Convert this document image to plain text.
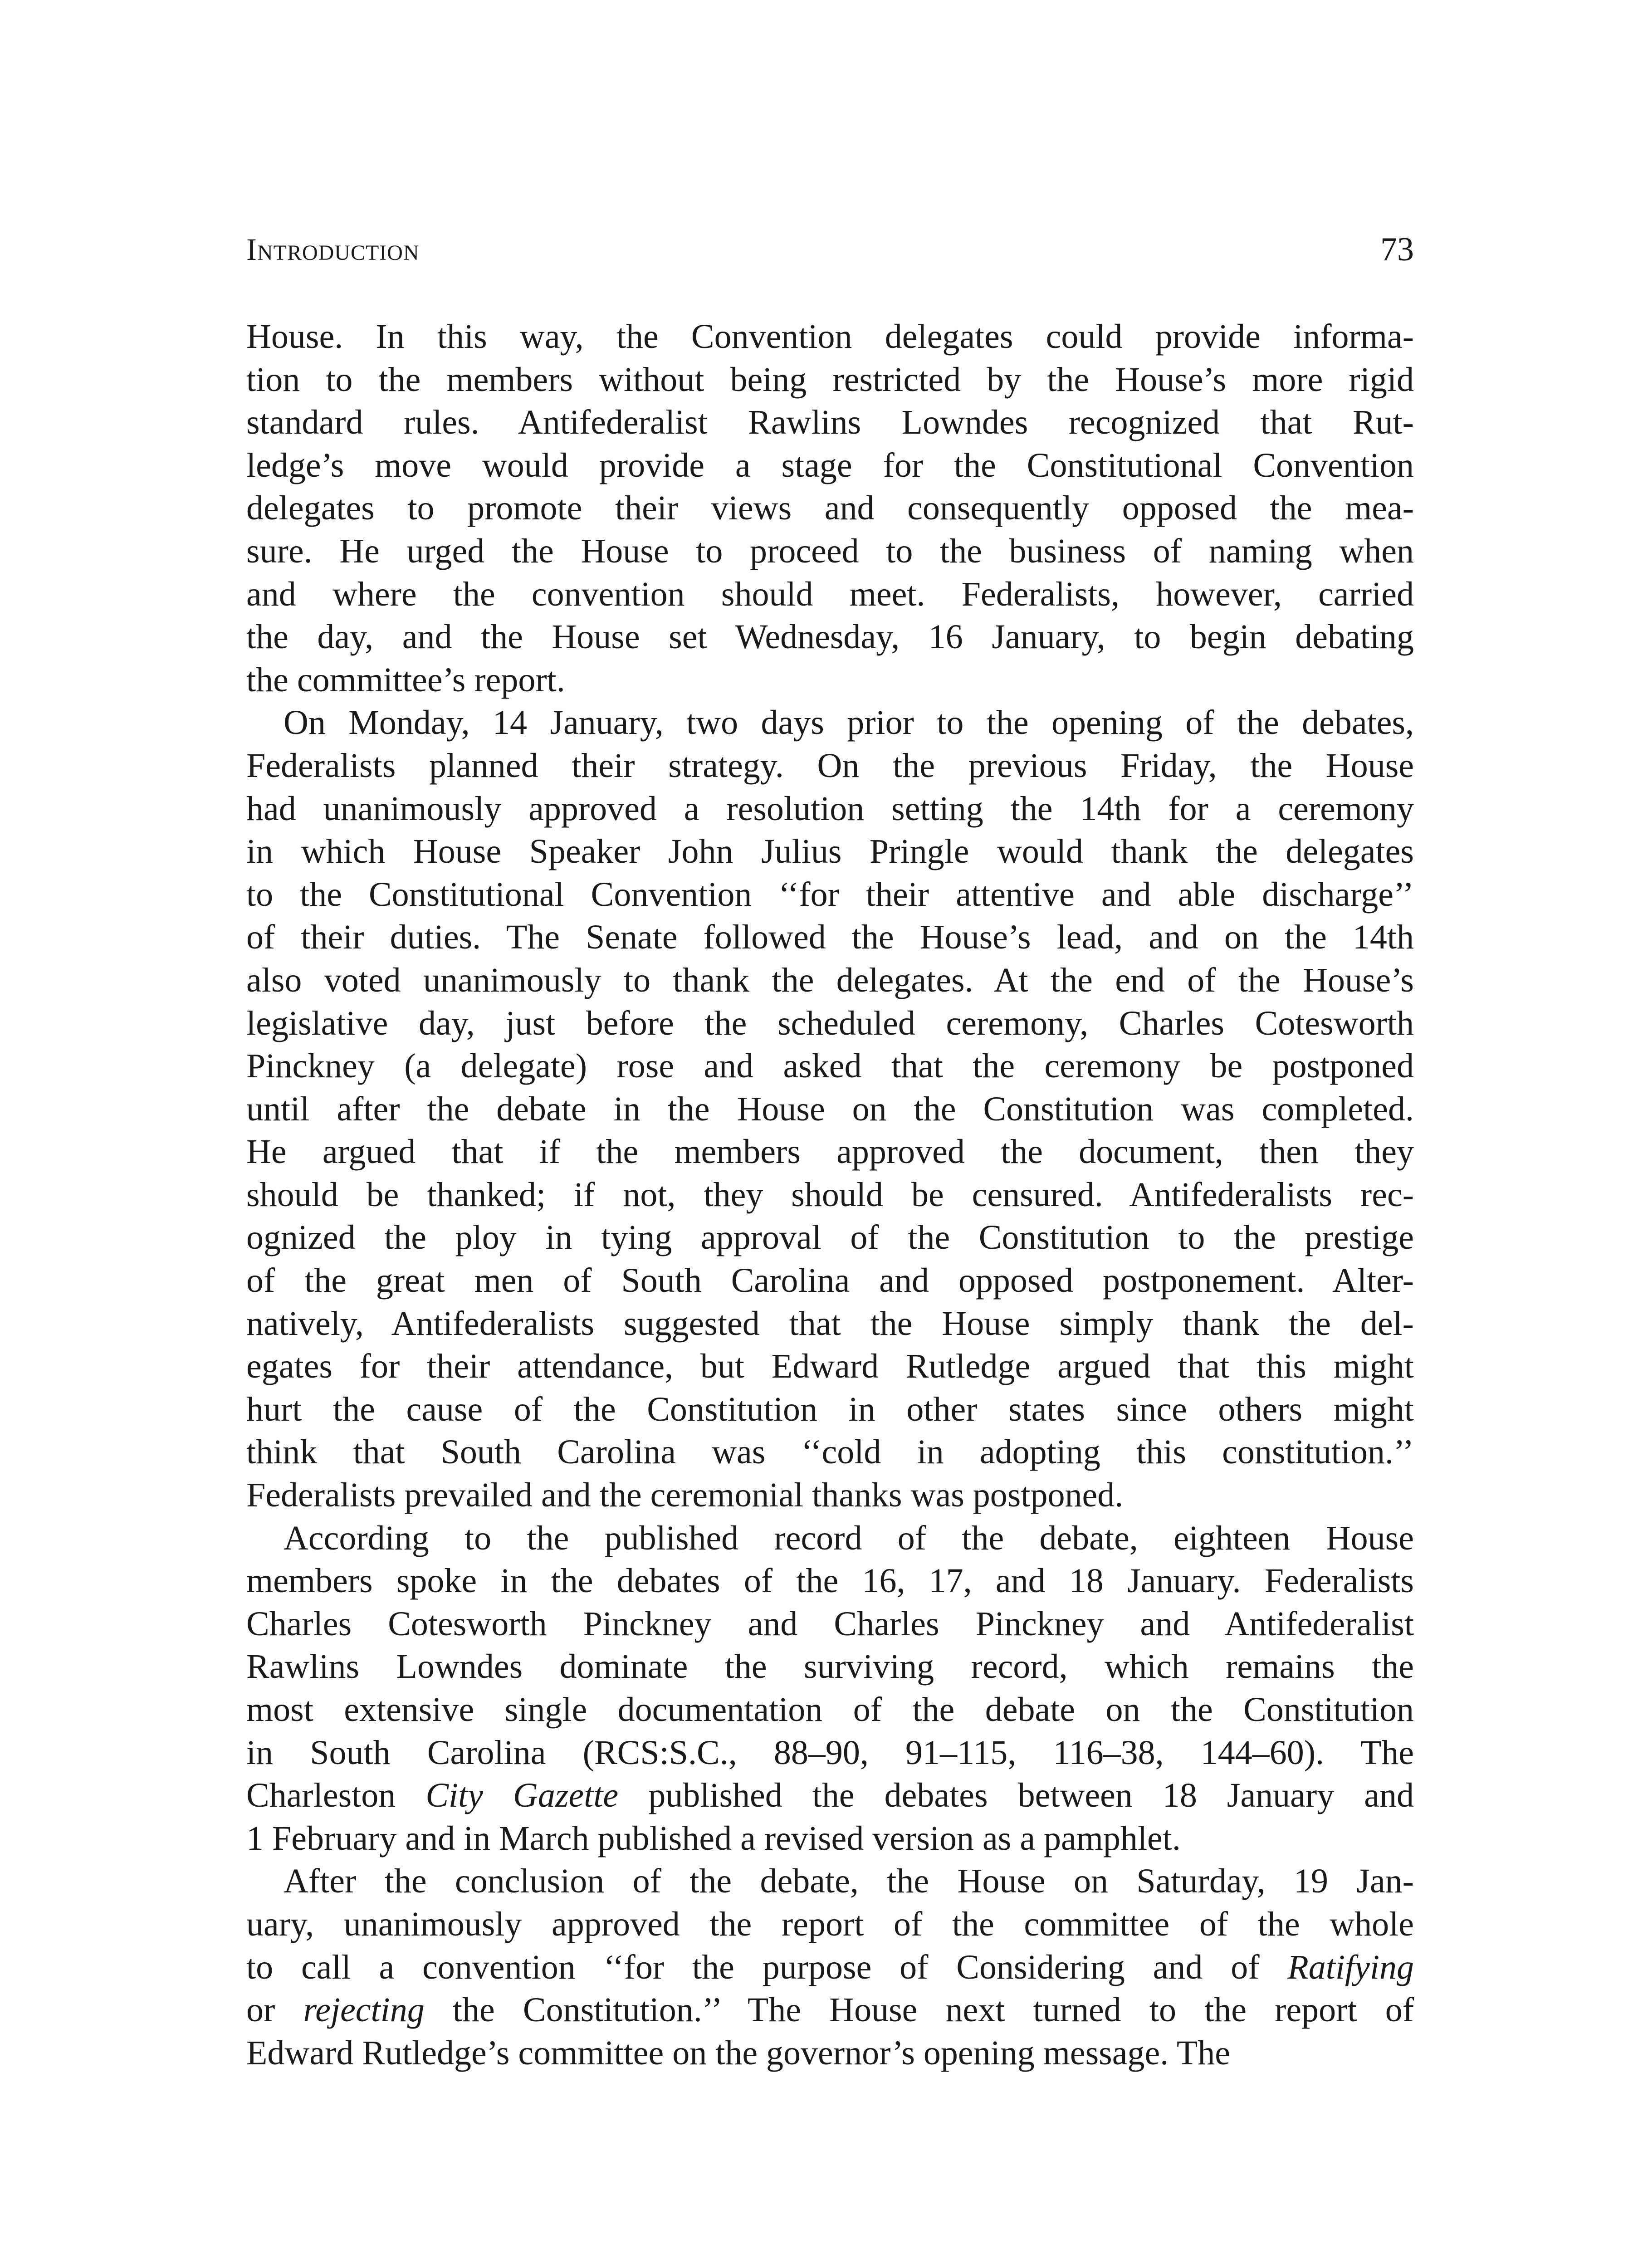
Introduction	73
House. In this way, the Convention delegates could provide informa-
tion to the members without being restricted by the House’s more rigid
standard rules. Antifederalist Rawlins Lowndes recognized that Rut-
ledge’s move would provide a stage for the Constitutional Convention
delegates to promote their views and consequently opposed the mea-
sure. He urged the House to proceed to the business of naming when
and where the convention should meet. Federalists, however, carried
the day, and the House set Wednesday, 16 January, to begin debating
the committee’s report.
On Monday, 14 January, two days prior to the opening of the debates,
Federalists planned their strategy. On the previous Friday, the House
had unanimously approved a resolution setting the 14th for a ceremony
in which House Speaker John Julius Pringle would thank the delegates
to the Constitutional Convention ‘‘for their attentive and able discharge’’
of their duties. The Senate followed the House’s lead, and on the 14th
also voted unanimously to thank the delegates. At the end of the House’s
legislative day, just before the scheduled ceremony, Charles Cotesworth
Pinckney (a delegate) rose and asked that the ceremony be postponed
until after the debate in the House on the Constitution was completed.
He argued that if the members approved the document, then they
should be thanked; if not, they should be censured. Antifederalists rec-
ognized the ploy in tying approval of the Constitution to the prestige
of the great men of South Carolina and opposed postponement. Alter-
natively, Antifederalists suggested that the House simply thank the del-
egates for their attendance, but Edward Rutledge argued that this might
hurt the cause of the Constitution in other states since others might
think that South Carolina was ‘‘cold in adopting this constitution.’’
Federalists prevailed and the ceremonial thanks was postponed.
According to the published record of the debate, eighteen House
members spoke in the debates of the 16, 17, and 18 January. Federalists
Charles Cotesworth Pinckney and Charles Pinckney and Antifederalist
Rawlins Lowndes dominate the surviving record, which remains the
most extensive single documentation of the debate on the Constitution
in South Carolina (RCS:S.C., 88–90, 91–115, 116–38, 144–60). The
Charleston City Gazette published the debates between 18 January and
1 February and in March published a revised version as a pamphlet.
After the conclusion of the debate, the House on Saturday, 19 Jan-
uary, unanimously approved the report of the committee of the whole
to call a convention ‘‘for the purpose of Considering and of Ratifying
or rejecting the Constitution.’’ The House next turned to the report of
Edward Rutledge’s committee on the governor’s opening message. The
